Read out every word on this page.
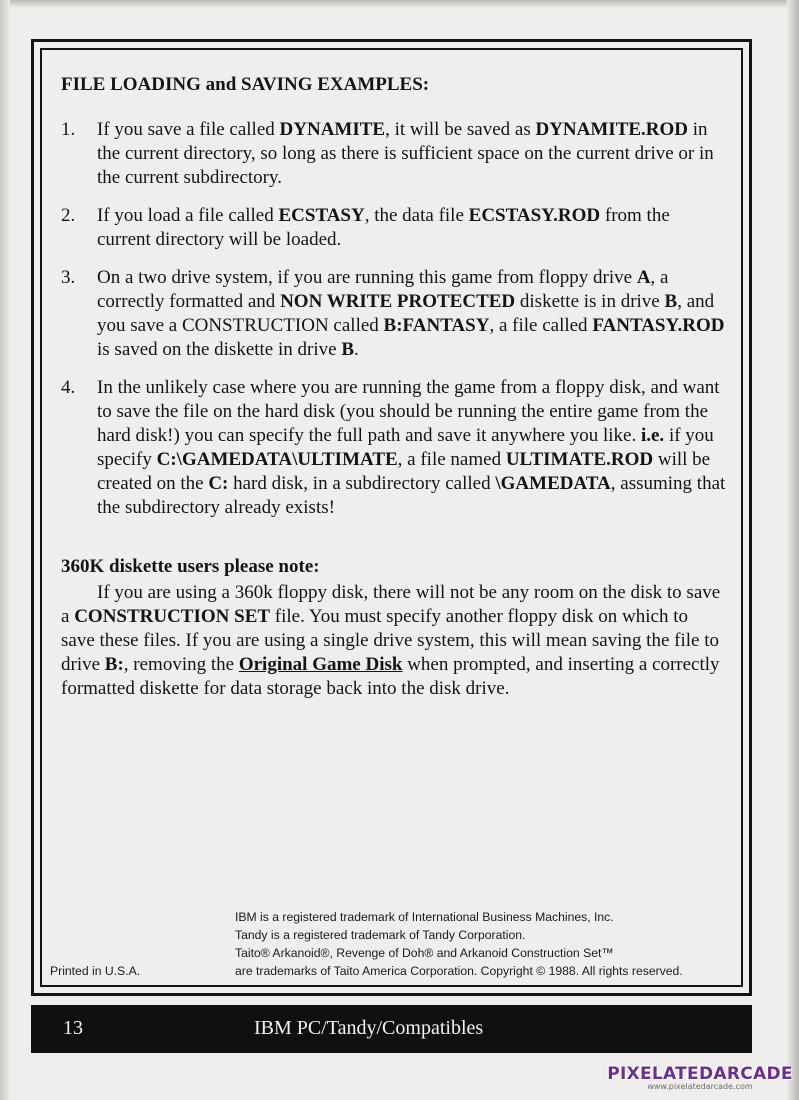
FILE LOADING and SAVING EXAMPLES:
1. If you save a file called DYNAMITE, it will be saved as DYNAMITE.ROD in the current directory, so long as there is sufficient space on the current drive or in the current subdirectory.
2. If you load a file called ECSTASY, the data file ECSTASY.ROD from the current directory will be loaded.
3. On a two drive system, if you are running this game from floppy drive A, a correctly formatted and NON WRITE PROTECTED diskette is in drive B, and you save a CONSTRUCTION called B:FANTASY, a file called FANTASY.ROD is saved on the diskette in drive B.
4. In the unlikely case where you are running the game from a floppy disk, and want to save the file on the hard disk (you should be running the entire game from the hard disk!) you can specify the full path and save it anywhere you like. i.e. if you specify C:\GAMEDATA\ULTIMATE, a file named ULTIMATE.ROD will be created on the C: hard disk, in a subdirectory called \GAMEDATA, assuming that the subdirectory already exists!
360K diskette users please note:
If you are using a 360k floppy disk, there will not be any room on the disk to save a CONSTRUCTION SET file. You must specify another floppy disk on which to save these files. If you are using a single drive system, this will mean saving the file to drive B:, removing the Original Game Disk when prompted, and inserting a correctly formatted diskette for data storage back into the disk drive.
IBM is a registered trademark of International Business Machines, Inc.
Tandy is a registered trademark of Tandy Corporation.
Taito® Arkanoid®, Revenge of Doh® and Arkanoid Construction Set™
are trademarks of Taito America Corporation. Copyright © 1988. All rights reserved.
Printed in U.S.A.
13	IBM PC/Tandy/Compatibles
PIXELATEDARCADE
www.pixelatedarcade.com
